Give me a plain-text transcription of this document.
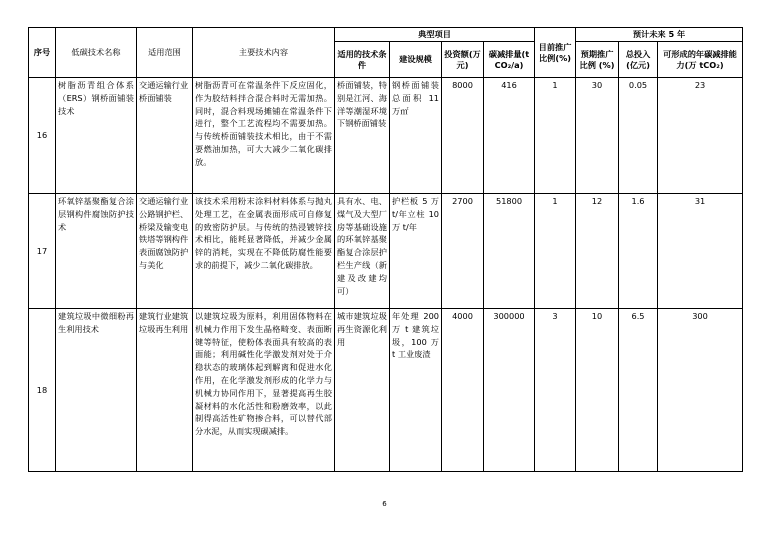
序号	低碳技术名称	适用范围	主要技术内容	典型项目				目前推广比例(%)	预计未来 5 年		
				适用的技术条件	建设规模	投资额(万元)	碳减排量(tCO₂/a)		预期推广比例 (%)	总投入(亿元)	可形成的年碳减排能力(万 tCO₂)
16	树脂沥青组合体系（ERS）钢桥面铺装技术	交通运输行业桥面铺装	树脂沥青可在常温条件下反应固化，作为胶结料拌合混合料时无需加热。同时，混合料现场摊铺在常温条件下进行，整个工艺流程均不需要加热。与传统桥面铺装技术相比，由于不需要燃油加热，可大大减少二氧化碳排放。	桥面铺装，特别是江河、海洋等潮湿环境下钢桥面铺装	钢桥面铺装总面积 11 万㎡	8000	416	1	30	0.05	23
17	环氧锌基聚酯复合涂层钢构件腐蚀防护技术	交通运输行业公路钢护栏、桥梁及输变电铁塔等钢构件表面腐蚀防护与美化	该技术采用粉末涂料材料体系与抛丸处理工艺，在金属表面形成可自修复的致密防护层。与传统的热浸镀锌技术相比，能耗显著降低，并减少金属锌的消耗，实现在不降低防腐性能要求的前提下，减少二氧化碳排放。	具有水、电、煤气及大型厂房等基础设施的环氧锌基聚酯复合涂层护栏生产线（新建及改建均可）	护栏板 5 万 t/年立柱 10 万 t/年	2700	51800	1	12	1.6	31
18	建筑垃圾中微细粉再生利用技术	建筑行业建筑垃圾再生利用	以建筑垃圾为原料，利用固体物料在机械力作用下发生晶格畸变、表面断键等特征，使粉体表面具有较高的表面能；利用碱性化学激发剂对处于介稳状态的玻璃体起到解离和促进水化作用，在化学激发剂形成的化学力与机械力协同作用下，显著提高再生胶凝材料的水化活性和粉磨效率，以此制得高活性矿物掺合料，可以替代部分水泥，从而实现碳减排。	城市建筑垃圾再生资源化利用	年处理 200 万 t 建筑垃圾，100 万 t 工业废渣	4000	300000	3	10	6.5	300
6
